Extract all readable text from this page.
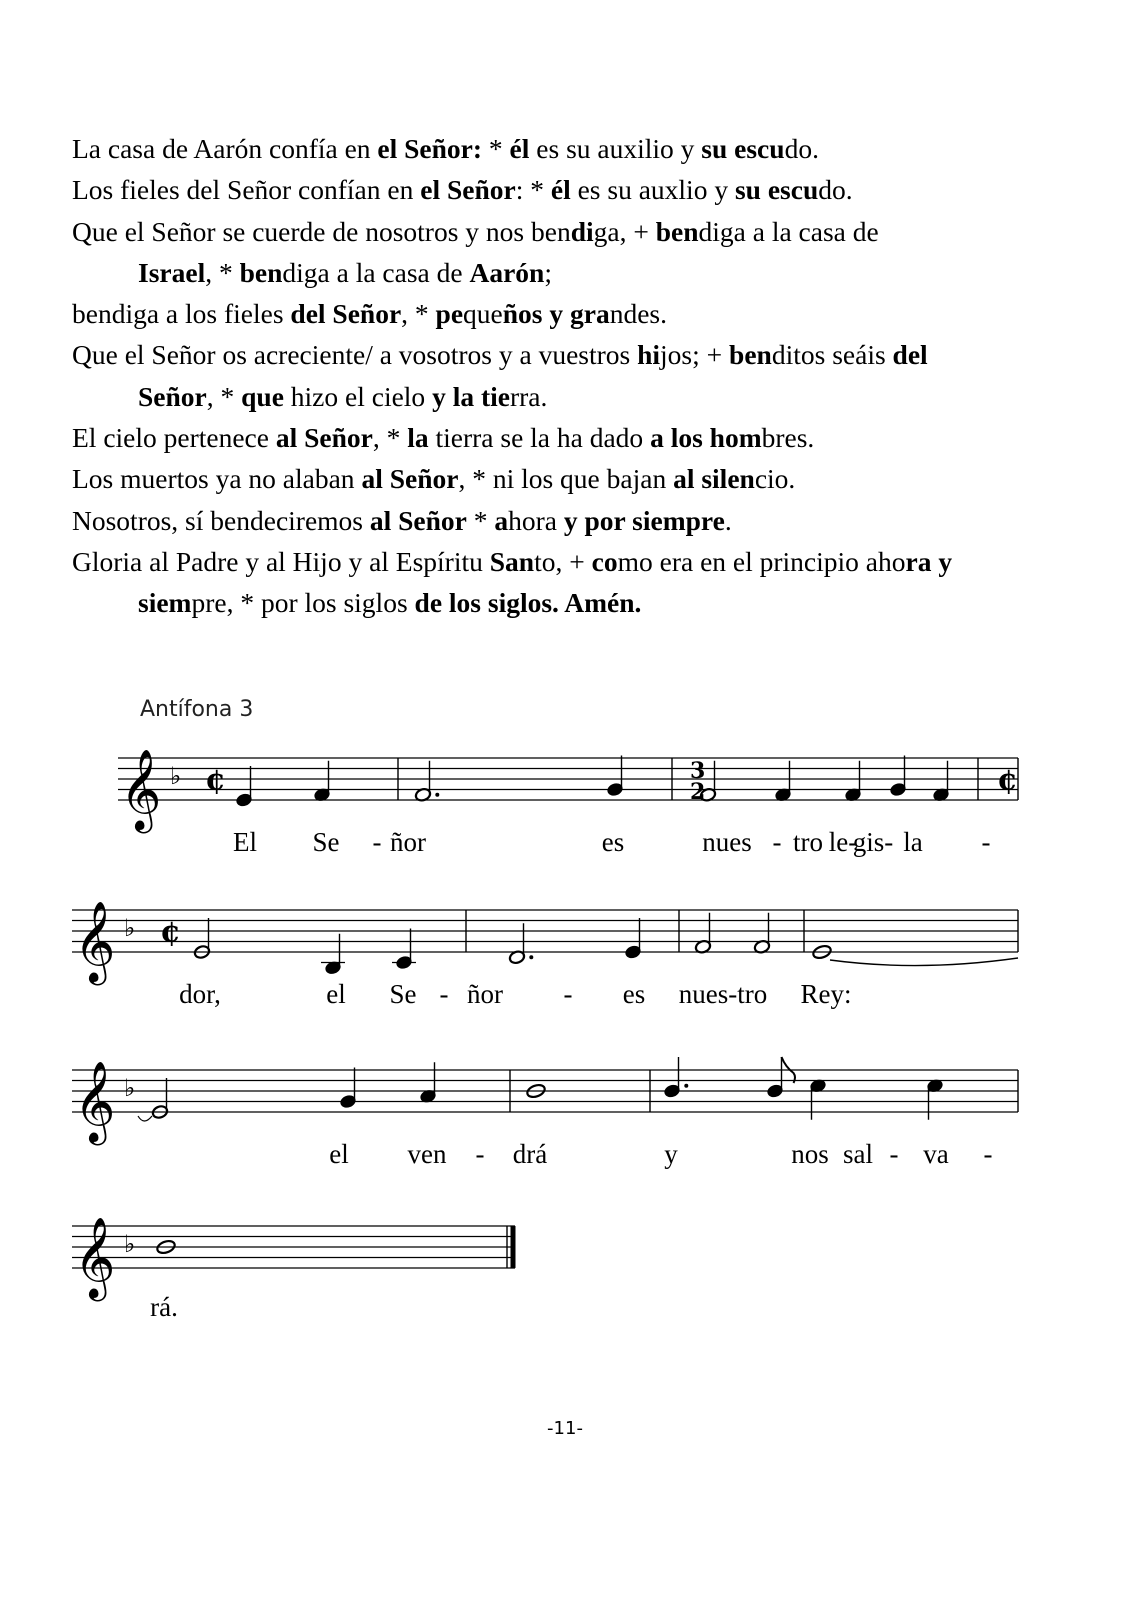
La casa de Aarón confía en el Señor: * él es su auxilio y su escudo.
Los fieles del Señor confían en el Señor: * él es su auxlio y su escudo.
Que el Señor se cuerde de nosotros y nos bendiga, + bendiga a la casa de
Israel, * bendiga a la casa de Aarón;
bendiga a los fieles del Señor, * pequeños y grandes.
Que el Señor os acreciente/ a vosotros y a vuestros hijos; + benditos seáis del
Señor, * que hizo el cielo y la tierra.
El cielo pertenece al Señor, * la tierra se la ha dado a los hombres.
Los muertos ya no alaban al Señor, * ni los que bajan al silencio.
Nosotros, sí bendeciremos al Señor * ahora y por siempre.
Gloria al Padre y al Hijo y al Espíritu Santo, + como era en el principio ahora y
siempre, * por los siglos de los siglos. Amén.
Antífona 3
𝄞 ♭ ¢	3
2	¢
El Se - ñor	es	nues - tro le-
gis- la -
𝄞 ♭ ¢
dor,	el Se - ñor - es nues-tro Rey:
𝄞 ♭
el ven - drá	y	nos sal - va -
𝄞 ♭
rá.
-11-
